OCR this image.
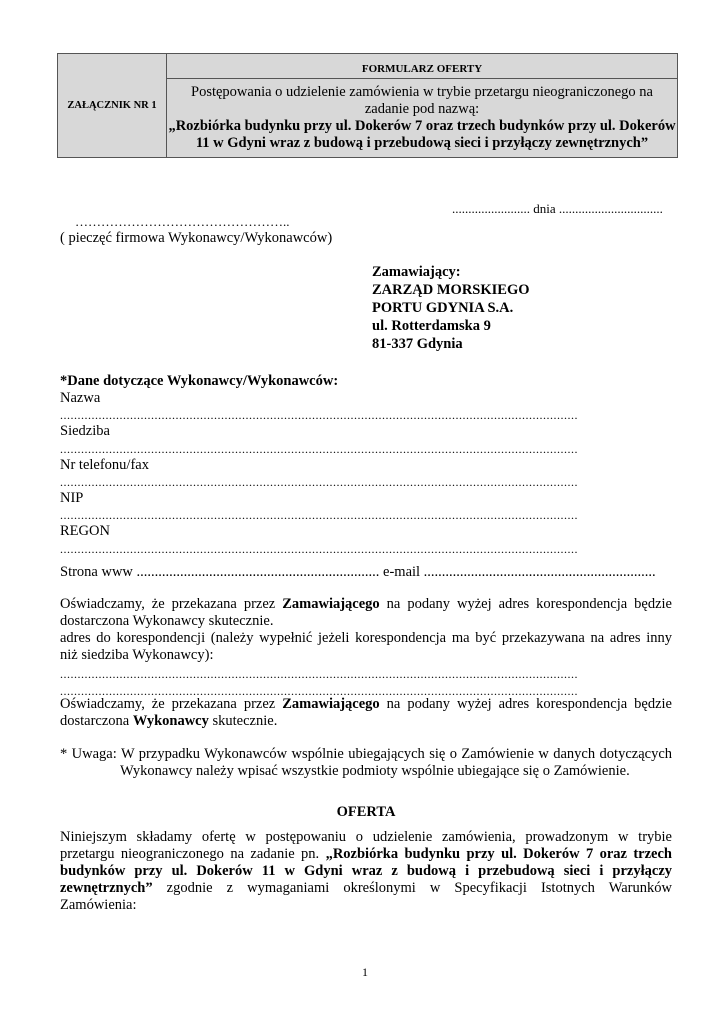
ZAŁĄCZNIK NR 1
FORMULARZ OFERTY
Postępowania o udzielenie zamówienia w trybie przetargu nieograniczonego na
zadanie pod nazwą:
„Rozbiórka budynku przy ul. Dokerów 7 oraz trzech budynków przy ul. Dokerów
11 w Gdyni wraz z budową i przebudową sieci i przyłączy zewnętrznych”
........................ dnia ................................
…………………………………………..
( pieczęć firmowa Wykonawcy/Wykonawców)
Zamawiający:
ZARZĄD MORSKIEGO
PORTU GDYNIA S.A.
ul. Rotterdamska 9
81-337 Gdynia
*Dane dotyczące Wykonawcy/Wykonawców:
Nazwa
....................................................................................................................................................
Siedziba
....................................................................................................................................................
Nr telefonu/fax
....................................................................................................................................................
NIP
....................................................................................................................................................
REGON
....................................................................................................................................................
Strona www ................................................................... e-mail ................................................................
Oświadczamy, że przekazana przez Zamawiającego na podany wyżej adres korespondencja będzie
dostarczona Wykonawcy skutecznie.
adres do korespondencji (należy wypełnić jeżeli korespondencja ma być przekazywana na adres inny
niż siedziba Wykonawcy):
....................................................................................................................................................
....................................................................................................................................................
Oświadczamy, że przekazana przez Zamawiającego na podany wyżej adres korespondencja będzie
dostarczona Wykonawcy skutecznie.
* Uwaga: W przypadku Wykonawców wspólnie ubiegających się o Zamówienie w danych dotyczących
Wykonawcy należy wpisać wszystkie podmioty wspólnie ubiegające się o Zamówienie.
OFERTA
Niniejszym składamy ofertę w postępowaniu o udzielenie zamówienia, prowadzonym w trybie
przetargu nieograniczonego na zadanie pn. „Rozbiórka budynku przy ul. Dokerów 7 oraz trzech
budynków przy ul. Dokerów 11 w Gdyni wraz z budową i przebudową sieci i przyłączy
zewnętrznych” zgodnie z wymaganiami określonymi w Specyfikacji Istotnych Warunków
Zamówienia:
1
